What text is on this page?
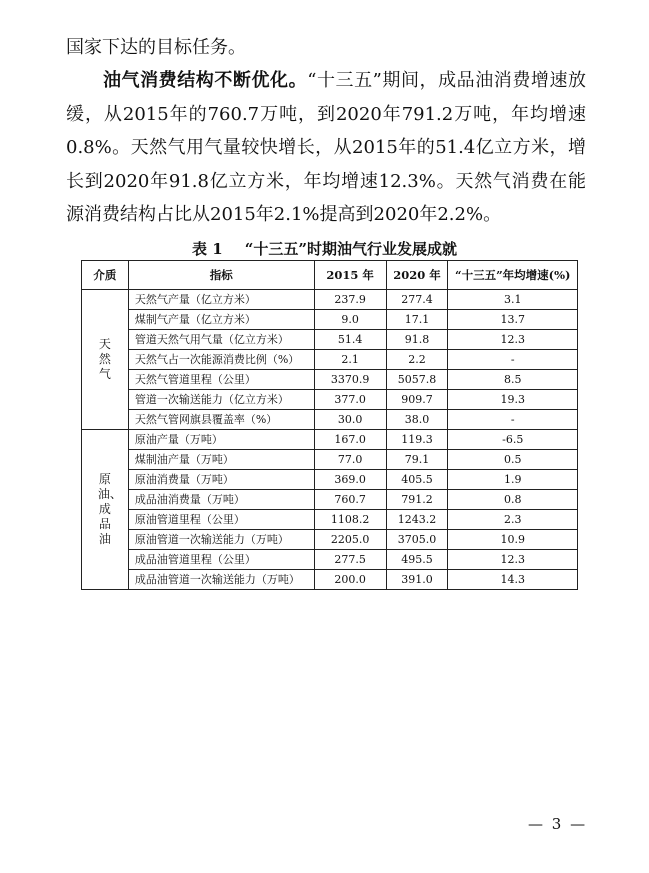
国家下达的目标任务。

油气消费结构不断优化。“十三五”期间，成品油消费增速放缓，从2015年的760.7万吨，到2020年791.2万吨，年均增速0.8%。天然气用气量较快增长，从2015年的51.4亿立方米，增长到2020年91.8亿立方米，年均增速12.3%。天然气消费在能源消费结构占比从2015年2.1%提高到2020年2.2%。

表 1 “十三五”时期油气行业发展成就
介质	指标	2015 年	2020 年	“十三五”年均增速(%)
天然气	天然气产量（亿立方米）	237.9	277.4	3.1
	煤制气产量（亿立方米）	9.0	17.1	13.7
	管道天然气用气量（亿立方米）	51.4	91.8	12.3
	天然气占一次能源消费比例（%）	2.1	2.2	-
	天然气管道里程（公里）	3370.9	5057.8	8.5
	管道一次输送能力（亿立方米）	377.0	909.7	19.3
	天然气管网旗县覆盖率（%）	30.0	38.0	-
原油、成品油	原油产量（万吨）	167.0	119.3	-6.5
	煤制油产量（万吨）	77.0	79.1	0.5
	原油消费量（万吨）	369.0	405.5	1.9
	成品油消费量（万吨）	760.7	791.2	0.8
	原油管道里程（公里）	1108.2	1243.2	2.3
	原油管道一次输送能力（万吨）	2205.0	3705.0	10.9
	成品油管道里程（公里）	277.5	495.5	12.3
	成品油管道一次输送能力（万吨）	200.0	391.0	14.3
— 3 —
